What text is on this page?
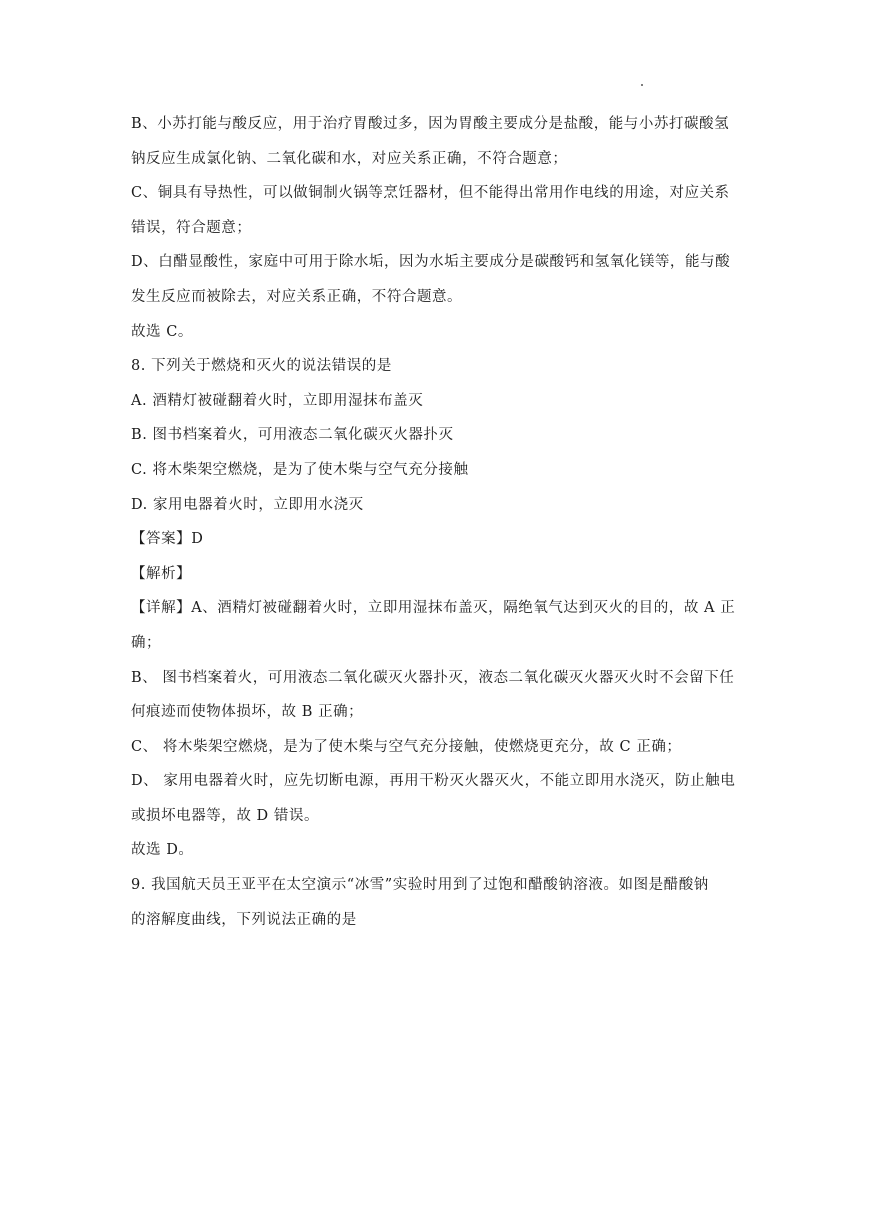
B、小苏打能与酸反应，用于治疗胃酸过多，因为胃酸主要成分是盐酸，能与小苏打碳酸氢
钠反应生成氯化钠、二氧化碳和水，对应关系正确，不符合题意；
C、铜具有导热性，可以做铜制火锅等烹饪器材，但不能得出常用作电线的用途，对应关系
错误，符合题意；
D、白醋显酸性，家庭中可用于除水垢，因为水垢主要成分是碳酸钙和氢氧化镁等，能与酸
发生反应而被除去，对应关系正确，不符合题意。
故选 C。
8. 下列关于燃烧和灭火的说法错误的是
A. 酒精灯被碰翻着火时，立即用湿抹布盖灭
B. 图书档案着火，可用液态二氧化碳灭火器扑灭
C. 将木柴架空燃烧，是为了使木柴与空气充分接触
D. 家用电器着火时，立即用水浇灭
【答案】D
【解析】
【详解】A、酒精灯被碰翻着火时，立即用湿抹布盖灭，隔绝氧气达到灭火的目的，故 A 正
确；
B、 图书档案着火，可用液态二氧化碳灭火器扑灭，液态二氧化碳灭火器灭火时不会留下任
何痕迹而使物体损坏，故 B 正确；
C、 将木柴架空燃烧，是为了使木柴与空气充分接触，使燃烧更充分，故 C 正确；
D、 家用电器着火时，应先切断电源，再用干粉灭火器灭火，不能立即用水浇灭，防止触电
或损坏电器等，故 D 错误。
故选 D。
9. 我国航天员王亚平在太空演示“冰雪”实验时用到了过饱和醋酸钠溶液。如图是醋酸钠
的溶解度曲线，下列说法正确的是
